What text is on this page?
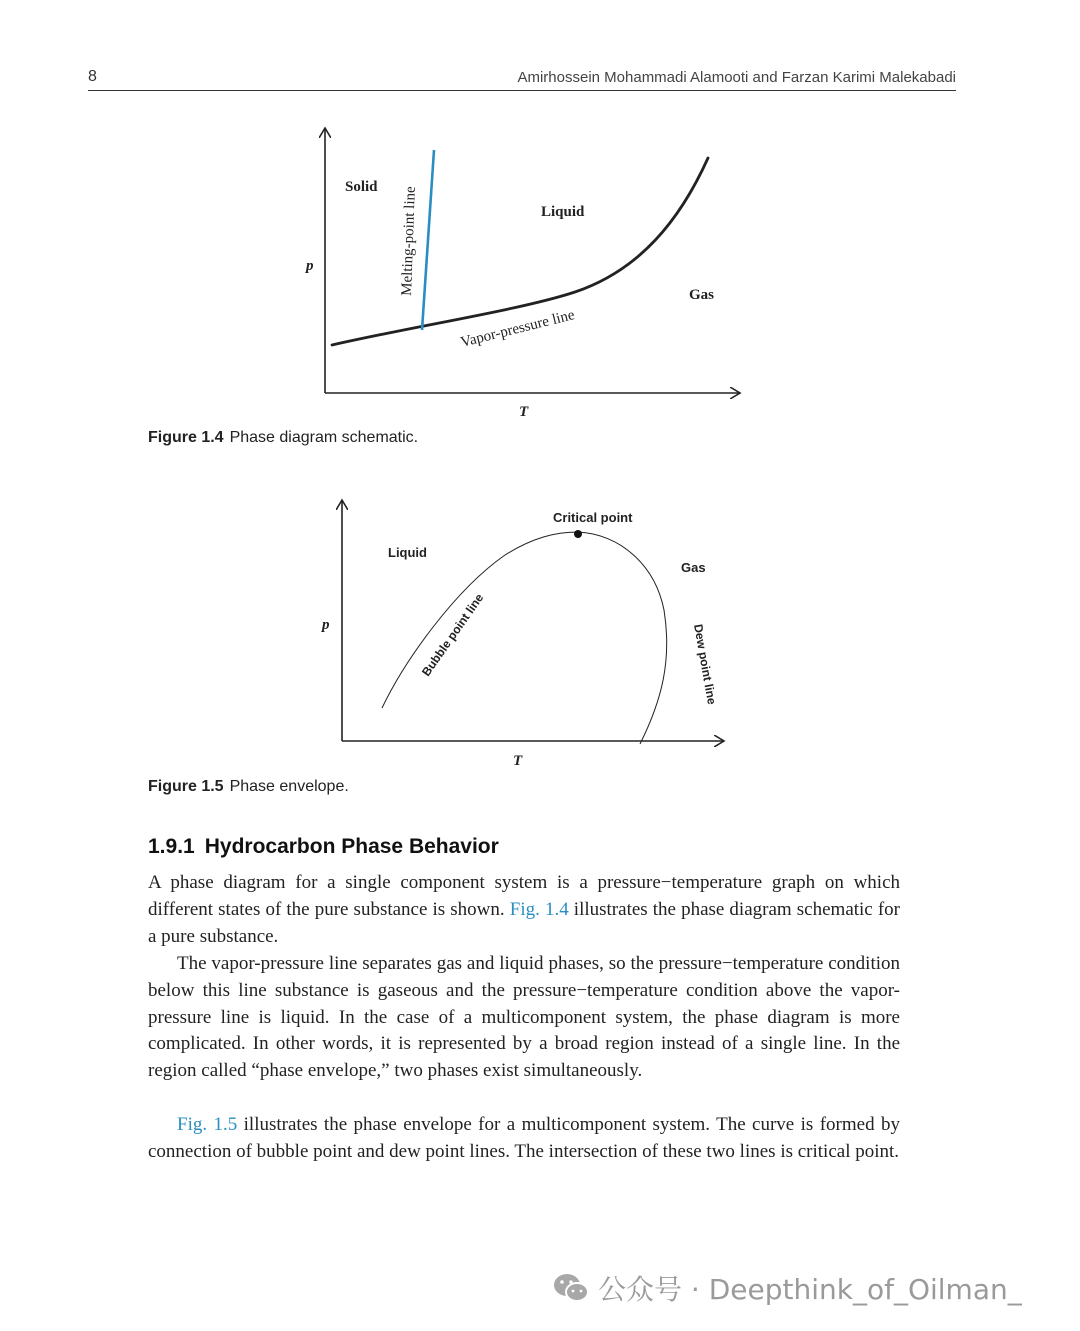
8	Amirhossein Mohammadi Alamooti and Farzan Karimi Malekabadi
p
T
Solid
Liquid
Gas
Melting-point line
Vapor-pressure line
Figure 1.4 Phase diagram schematic.
p
T
Critical point
Liquid
Gas
Bubble point line	Dew point line
Figure 1.5 Phase envelope.
1.9.1 Hydrocarbon Phase Behavior

A phase diagram for a single component system is a pressure−temperature graph on which different states of the pure substance is shown. Fig. 1.4 illustrates the phase diagram schematic for a pure substance.

The vapor-pressure line separates gas and liquid phases, so the pressure−temperature condition below this line substance is gaseous and the pressure−temperature condition above the vapor-pressure line is liquid. In the case of a multicomponent system, the phase diagram is more complicated. In other words, it is represented by a broad region instead of a single line. In the region called “phase envelope,” two phases exist simultaneously.

Fig. 1.5 illustrates the phase envelope for a multicomponent system. The curve is formed by connection of bubble point and dew point lines. The intersection of these two lines is critical point.

公众号 · Deepthink_of_Oilman_
